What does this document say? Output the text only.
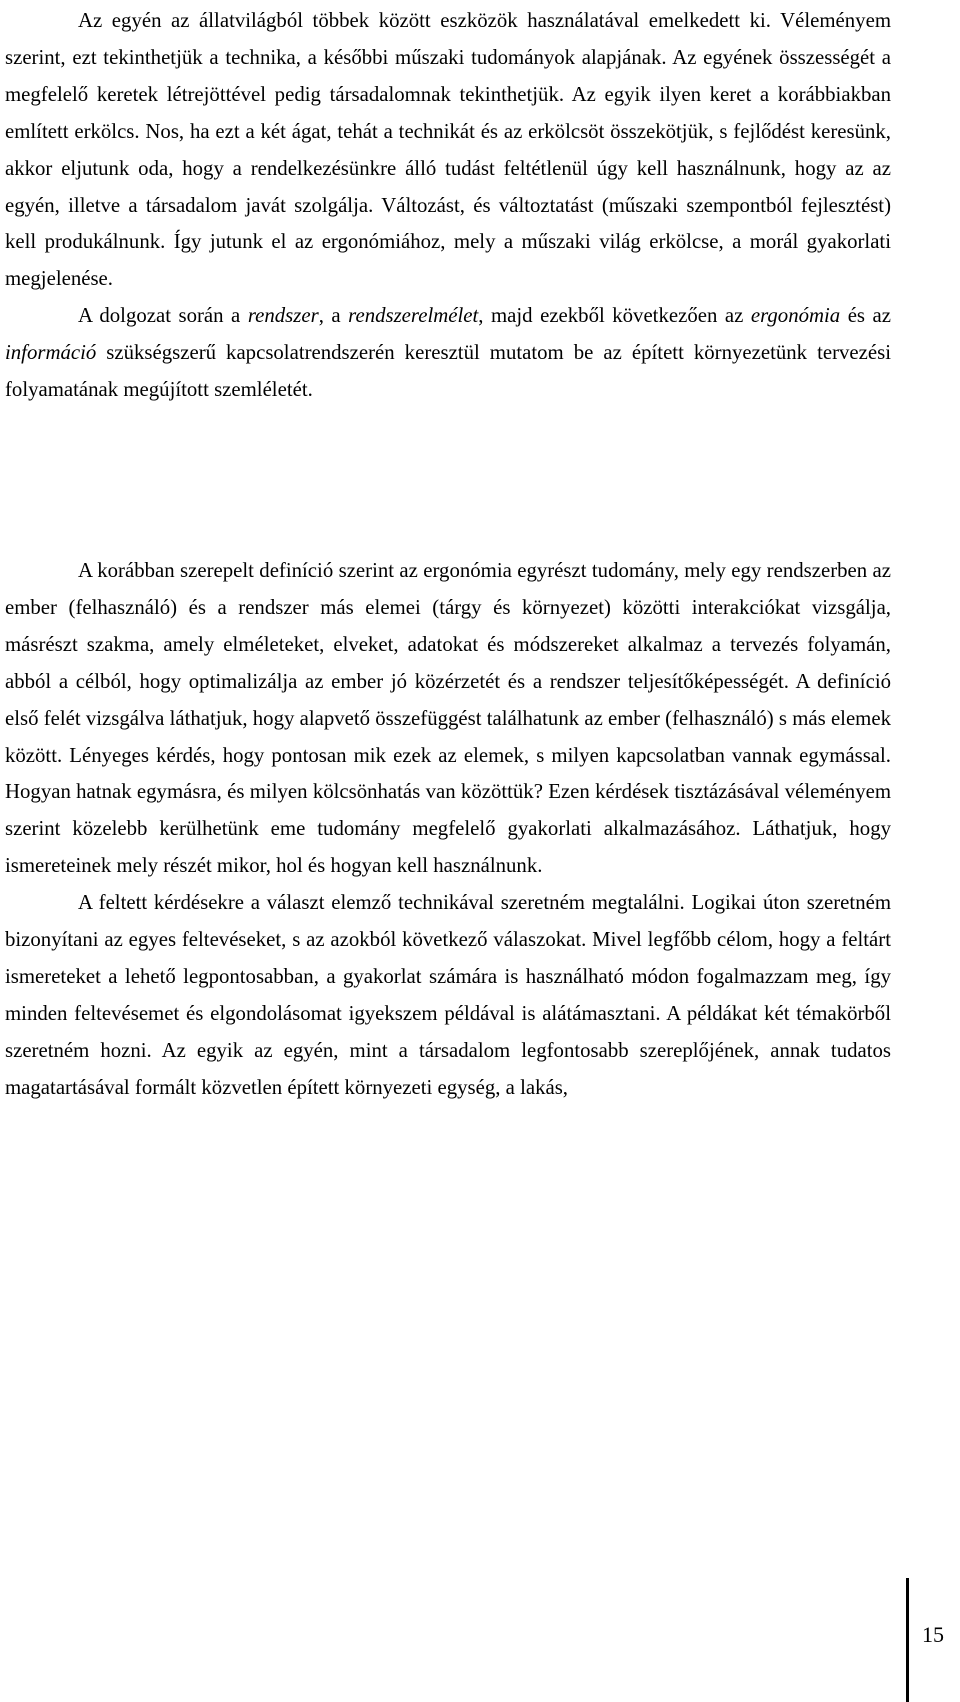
Az egyén az állatvilágból többek között eszközök használatával emelkedett ki. Véleményem szerint, ezt tekinthetjük a technika, a későbbi műszaki tudományok alapjának. Az egyének összességét a megfelelő keretek létrejöttével pedig társadalomnak tekinthetjük. Az egyik ilyen keret a korábbiakban említett erkölcs. Nos, ha ezt a két ágat, tehát a technikát és az erkölcsöt összekötjük, s fejlődést keresünk, akkor eljutunk oda, hogy a rendelkezésünkre álló tudást feltétlenül úgy kell használnunk, hogy az az egyén, illetve a társadalom javát szolgálja. Változást, és változtatást (műszaki szempontból fejlesztést) kell produkálnunk. Így jutunk el az ergonómiához, mely a műszaki világ erkölcse, a morál gyakorlati megjelenése.

A dolgozat során a rendszer, a rendszerelmélet, majd ezekből következően az ergonómia és az információ szükségszerű kapcsolatrendszerén keresztül mutatom be az épített környezetünk tervezési folyamatának megújított szemléletét.

A korábban szerepelt definíció szerint az ergonómia egyrészt tudomány, mely egy rendszerben az ember (felhasználó) és a rendszer más elemei (tárgy és környezet) közötti interakciókat vizsgálja, másrészt szakma, amely elméleteket, elveket, adatokat és módszereket alkalmaz a tervezés folyamán, abból a célból, hogy optimalizálja az ember jó közérzetét és a rendszer teljesítőképességét. A definíció első felét vizsgálva láthatjuk, hogy alapvető összefüggést találhatunk az ember (felhasználó) s más elemek között. Lényeges kérdés, hogy pontosan mik ezek az elemek, s milyen kapcsolatban vannak egymással. Hogyan hatnak egymásra, és milyen kölcsönhatás van közöttük? Ezen kérdések tisztázásával véleményem szerint közelebb kerülhetünk eme tudomány megfelelő gyakorlati alkalmazásához. Láthatjuk, hogy ismereteinek mely részét mikor, hol és hogyan kell használnunk.

A feltett kérdésekre a választ elemző technikával szeretném megtalálni. Logikai úton szeretném bizonyítani az egyes feltevéseket, s az azokból következő válaszokat. Mivel legfőbb célom, hogy a feltárt ismereteket a lehető legpontosabban, a gyakorlat számára is használható módon fogalmazzam meg, így minden feltevésemet és elgondolásomat igyekszem példával is alátámasztani. A példákat két témakörből szeretném hozni. Az egyik az egyén, mint a társadalom legfontosabb szereplőjének, annak tudatos magatartásával formált közvetlen épített környezeti egység, a lakás,

15
